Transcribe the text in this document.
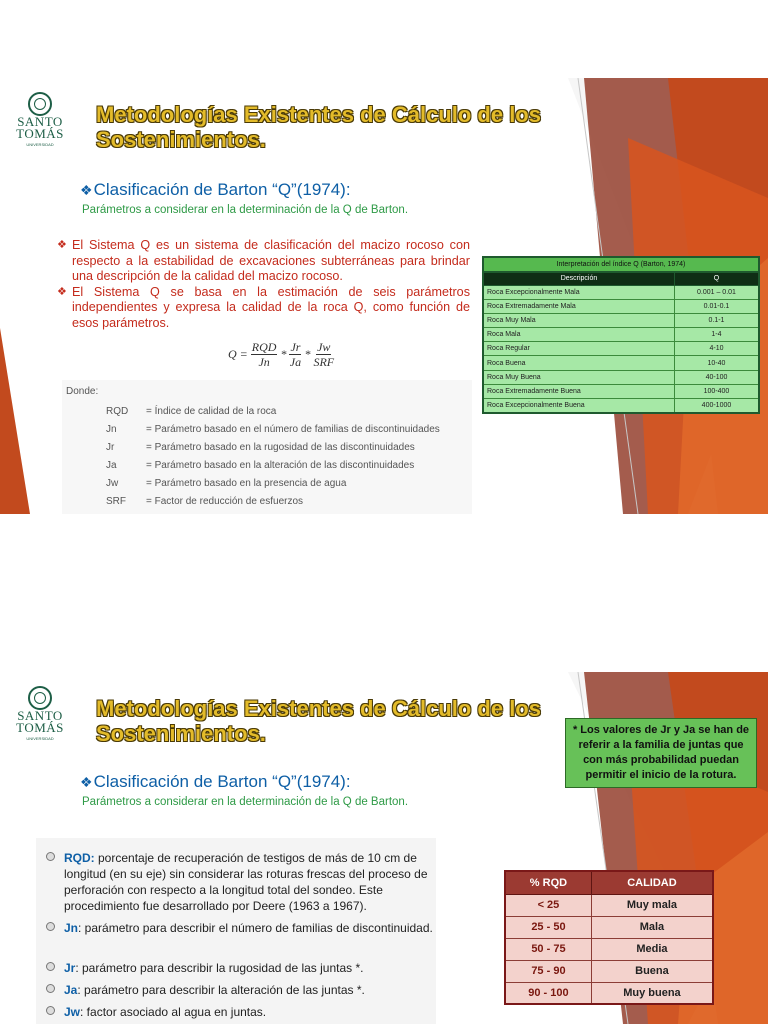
SANTO
TOMÁS
UNIVERSIDAD
Metodologías Existentes de Cálculo de los
Sostenimientos.
❖Clasificación de Barton “Q”(1974):
Parámetros a considerar en la determinación de la Q de Barton.
❖ El Sistema Q es un sistema de clasificación del macizo rocoso con respecto a la estabilidad de excavaciones subterráneas para brindar una descripción de la calidad del macizo rocoso.
❖ El Sistema Q se basa en la estimación de seis parámetros independientes y expresa la calidad de la roca Q, como función de esos parámetros.
$Q = \frac{\text{RQD}}{Jn} * \frac{Jr}{Ja} * \frac{Jw}{\text{SRF}}$
Donde:
RQD	= Índice de calidad de la roca
Jn	= Parámetro basado en el número de familias de discontinuidades
Jr	= Parámetro basado en la rugosidad de las discontinuidades
Ja	= Parámetro basado en la alteración de las discontinuidades
Jw	= Parámetro basado en la presencia de agua
SRF	= Factor de reducción de esfuerzos
Interpretación del índice Q (Barton, 1974)
Descripción	Q
Roca Excepcionalmente Mala	0.001 – 0.01
Roca Extremadamente Mala	0.01-0.1
Roca Muy Mala	0.1-1
Roca Mala	1-4
Roca Regular	4-10
Roca Buena	10-40
Roca Muy Buena	40-100
Roca Extremadamente Buena	100-400
Roca Excepcionalmente Buena	400-1000
SANTO
TOMÁS
UNIVERSIDAD
Metodologías Existentes de Cálculo de los
Sostenimientos.	* Los valores de Jr y Ja se han de referir a la familia de juntas que con más probabilidad puedan permitir el inicio de la rotura.
❖Clasificación de Barton “Q”(1974):
Parámetros a considerar en la determinación de la Q de Barton.
RQD: porcentaje de recuperación de testigos de más de 10 cm de longitud (en su eje) sin considerar las roturas frescas del proceso de perforación con respecto a la longitud total del sondeo. Este procedimiento fue desarrollado por Deere (1963 a 1967).
Jn: parámetro para describir el número de familias de discontinuidad.
Jr: parámetro para describir la rugosidad de las juntas *.
Ja: parámetro para describir la alteración de las juntas *.
Jw: factor asociado al agua en juntas.
% RQD	CALIDAD
< 25	Muy mala
25 - 50	Mala
50 - 75	Media
75 - 90	Buena
90 - 100	Muy buena
